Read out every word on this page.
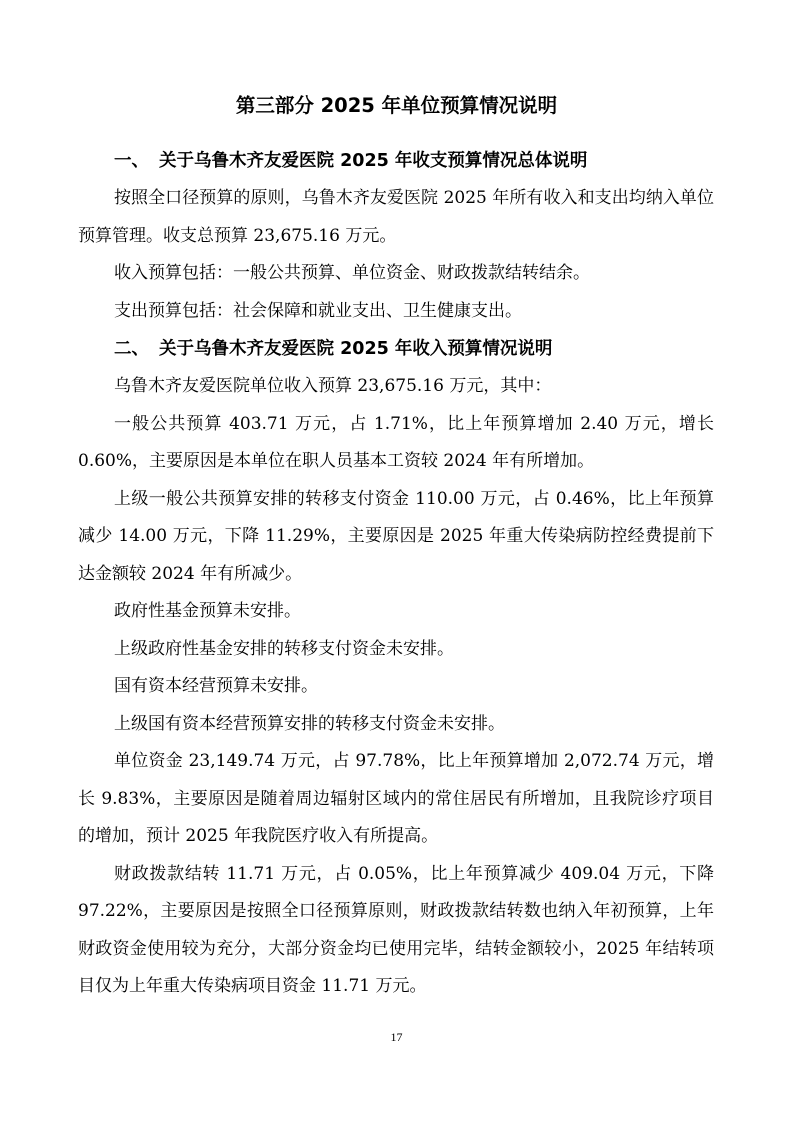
第三部分 2025 年单位预算情况说明
一、 关于乌鲁木齐友爱医院 2025 年收支预算情况总体说明

按照全口径预算的原则，乌鲁木齐友爱医院 2025 年所有收入和支出均纳入单位预算管理。收支总预算 23,675.16 万元。

收入预算包括：一般公共预算、单位资金、财政拨款结转结余。

支出预算包括：社会保障和就业支出、卫生健康支出。

二、 关于乌鲁木齐友爱医院 2025 年收入预算情况说明

乌鲁木齐友爱医院单位收入预算 23,675.16 万元，其中：

一般公共预算 403.71 万元，占 1.71%，比上年预算增加 2.40 万元，增长 0.60%，主要原因是本单位在职人员基本工资较 2024 年有所增加。

上级一般公共预算安排的转移支付资金 110.00 万元，占 0.46%，比上年预算减少 14.00 万元，下降 11.29%，主要原因是 2025 年重大传染病防控经费提前下达金额较 2024 年有所减少。

政府性基金预算未安排。

上级政府性基金安排的转移支付资金未安排。

国有资本经营预算未安排。

上级国有资本经营预算安排的转移支付资金未安排。

单位资金 23,149.74 万元，占 97.78%，比上年预算增加 2,072.74 万元，增长 9.83%，主要原因是随着周边辐射区域内的常住居民有所增加，且我院诊疗项目的增加，预计 2025 年我院医疗收入有所提高。

财政拨款结转 11.71 万元，占 0.05%，比上年预算减少 409.04 万元，下降 97.22%，主要原因是按照全口径预算原则，财政拨款结转数也纳入年初预算，上年财政资金使用较为充分，大部分资金均已使用完毕，结转金额较小，2025 年结转项目仅为上年重大传染病项目资金 11.71 万元。

17
